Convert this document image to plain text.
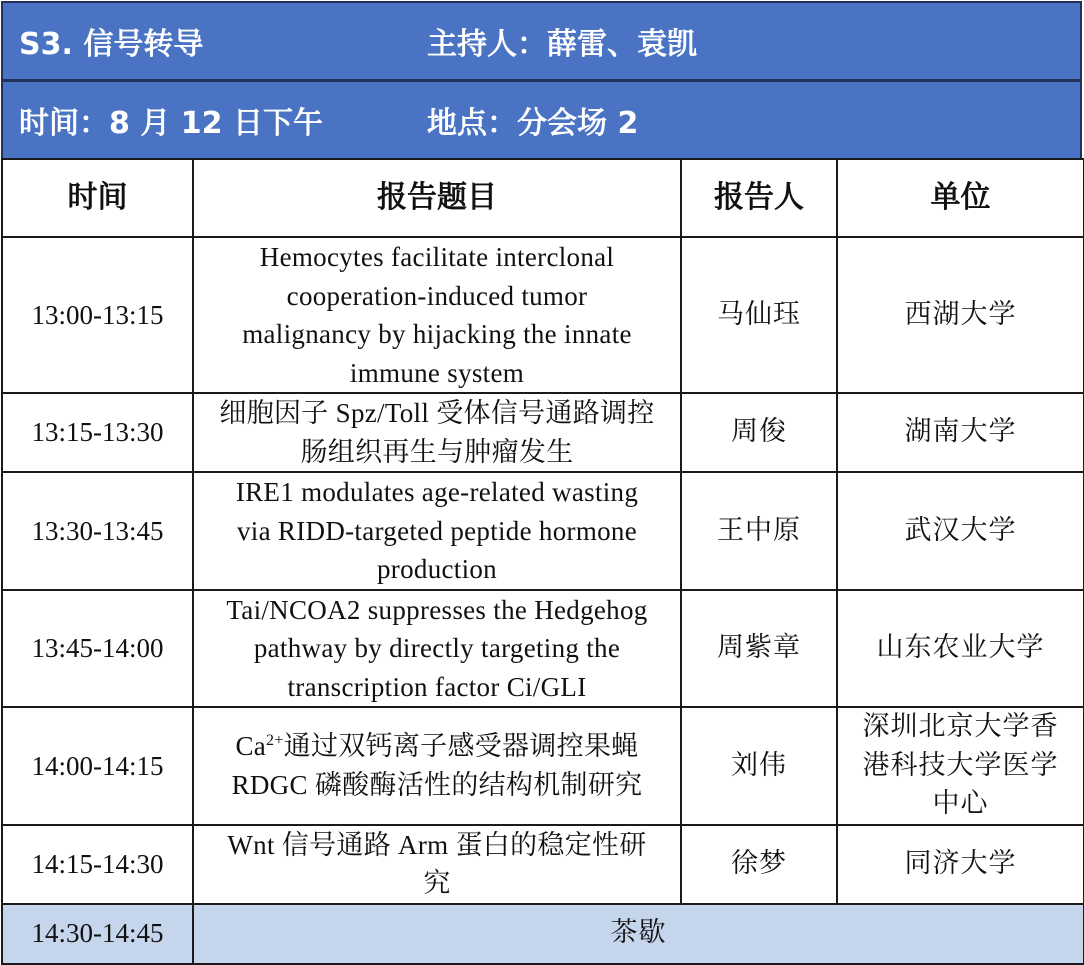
S3. 信号转导	主持人：薛雷、袁凯
时间：8 月 12 日下午	地点：分会场 2
时间	报告题目	报告人	单位
13:00-13:15	Hemocytes facilitate interclonal
cooperation-induced tumor
malignancy by hijacking the innate
immune system	马仙珏	西湖大学
13:15-13:30	细胞因子 Spz/Toll 受体信号通路调控
肠组织再生与肿瘤发生	周俊	湖南大学
13:30-13:45	IRE1 modulates age-related wasting
via RIDD-targeted peptide hormone
production	王中原	武汉大学
13:45-14:00	Tai/NCOA2 suppresses the Hedgehog
pathway by directly targeting the
transcription factor Ci/GLI	周紫章	山东农业大学
14:00-14:15	$Ca^{2+}$通过双钙离子感受器调控果蝇
RDGC 磷酸酶活性的结构机制研究	刘伟	深圳北京大学香
港科技大学医学
中心
14:15-14:30	Wnt 信号通路 Arm 蛋白的稳定性研
究	徐梦	同济大学
14:30-14:45	茶歇		
